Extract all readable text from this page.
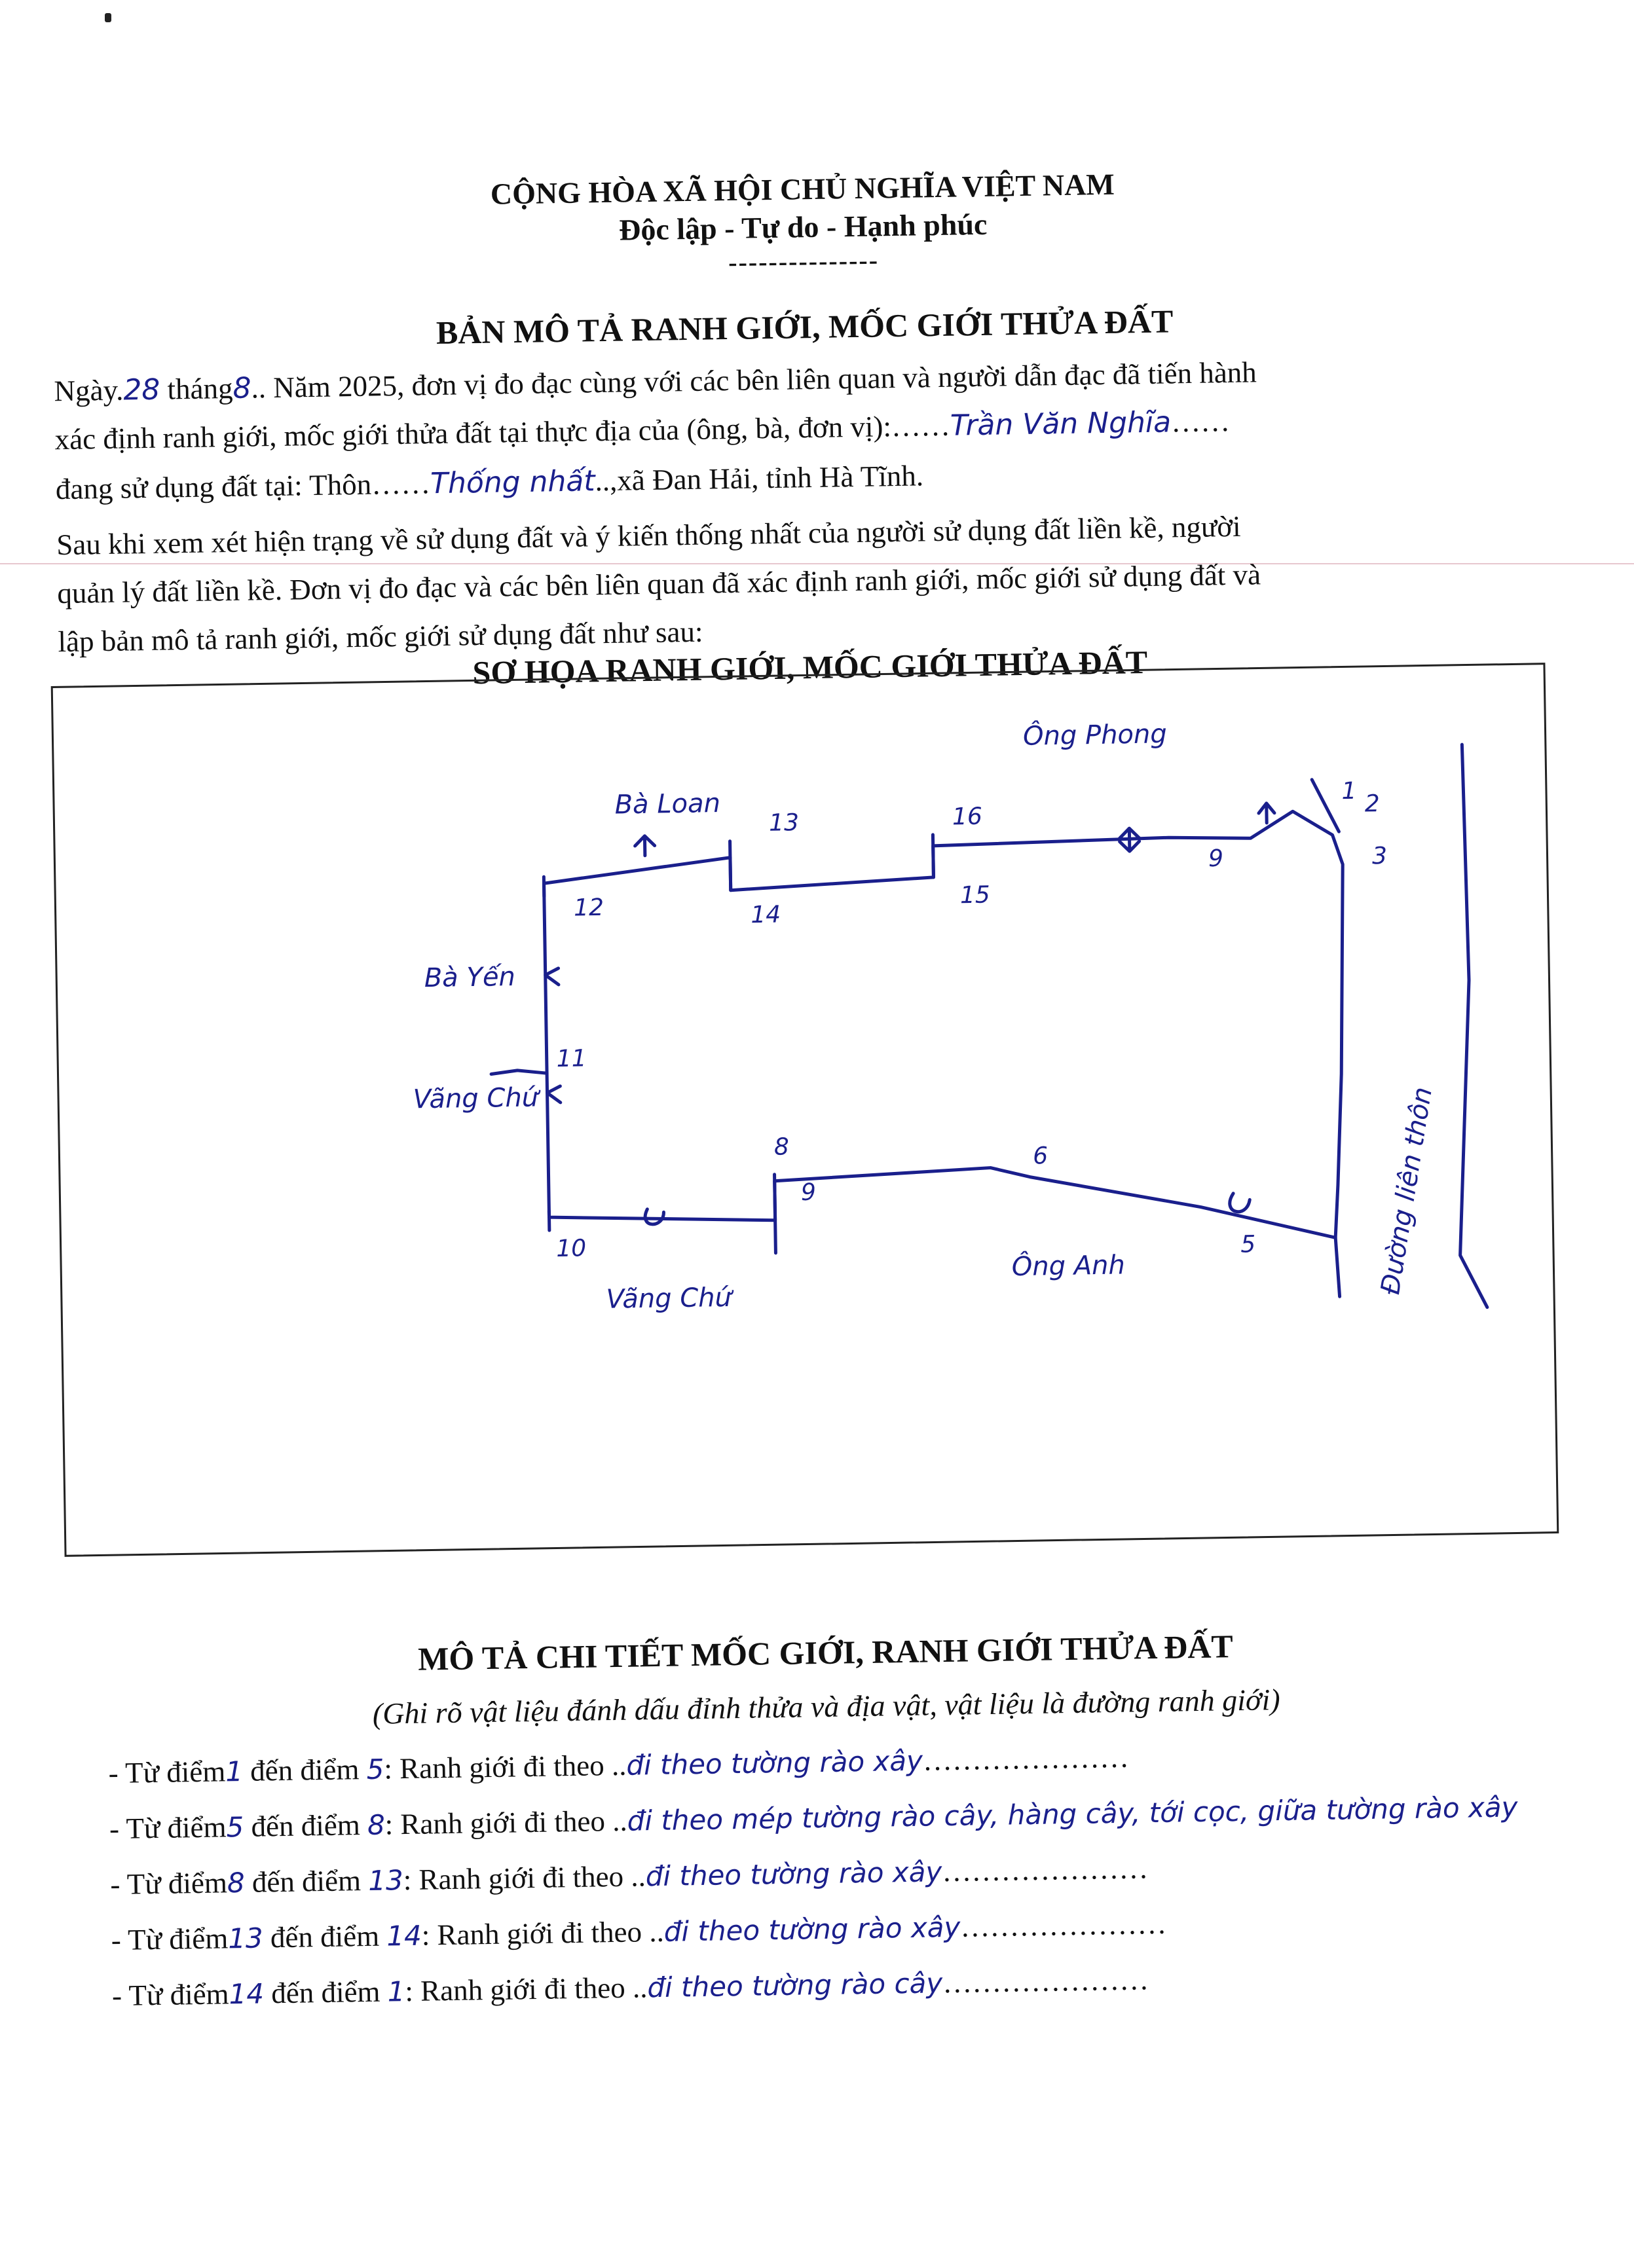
CỘNG HÒA XÃ HỘI CHỦ NGHĨA VIỆT NAM
Độc lập - Tự do - Hạnh phúc
---------------
BẢN MÔ TẢ RANH GIỚI, MỐC GIỚI THỬA ĐẤT
Ngày.28 tháng8.. Năm 2025, đơn vị đo đạc cùng với các bên liên quan và người dẫn đạc đã tiến hành
xác định ranh giới, mốc giới thửa đất tại thực địa của (ông, bà, đơn vị):……Trần Văn Nghĩa……
đang sử dụng đất tại: Thôn……Thống nhất..,xã Đan Hải, tỉnh Hà Tĩnh.
Sau khi xem xét hiện trạng về sử dụng đất và ý kiến thống nhất của người sử dụng đất liền kề, người
quản lý đất liền kề. Đơn vị đo đạc và các bên liên quan đã xác định ranh giới, mốc giới sử dụng đất và
lập bản mô tả ranh giới, mốc giới sử dụng đất như sau:
SƠ HỌA RANH GIỚI, MỐC GIỚI THỬA ĐẤT
Bà Loan
Ông Phong
Bà Yến
Vãng Chứ
Vãng Chứ
Ông Anh	Đường liên thôn
1 2
3
5
6
8
9
10
11
12
13
14
15
16
9
MÔ TẢ CHI TIẾT MỐC GIỚI, RANH GIỚI THỬA ĐẤT
(Ghi rõ vật liệu đánh dấu đỉnh thửa và địa vật, vật liệu là đường ranh giới)
- Từ điểm1 đến điểm 5: Ranh giới đi theo ..đi theo tường rào xây…………………
- Từ điểm5 đến điểm 8: Ranh giới đi theo ..đi theo mép tường rào cây, hàng cây, tới cọc, giữa tường rào xây
- Từ điểm8 đến điểm 13: Ranh giới đi theo ..đi theo tường rào xây…………………
- Từ điểm13 đến điểm 14: Ranh giới đi theo ..đi theo tường rào xây…………………
- Từ điểm14 đến điểm 1: Ranh giới đi theo ..đi theo tường rào cây…………………
